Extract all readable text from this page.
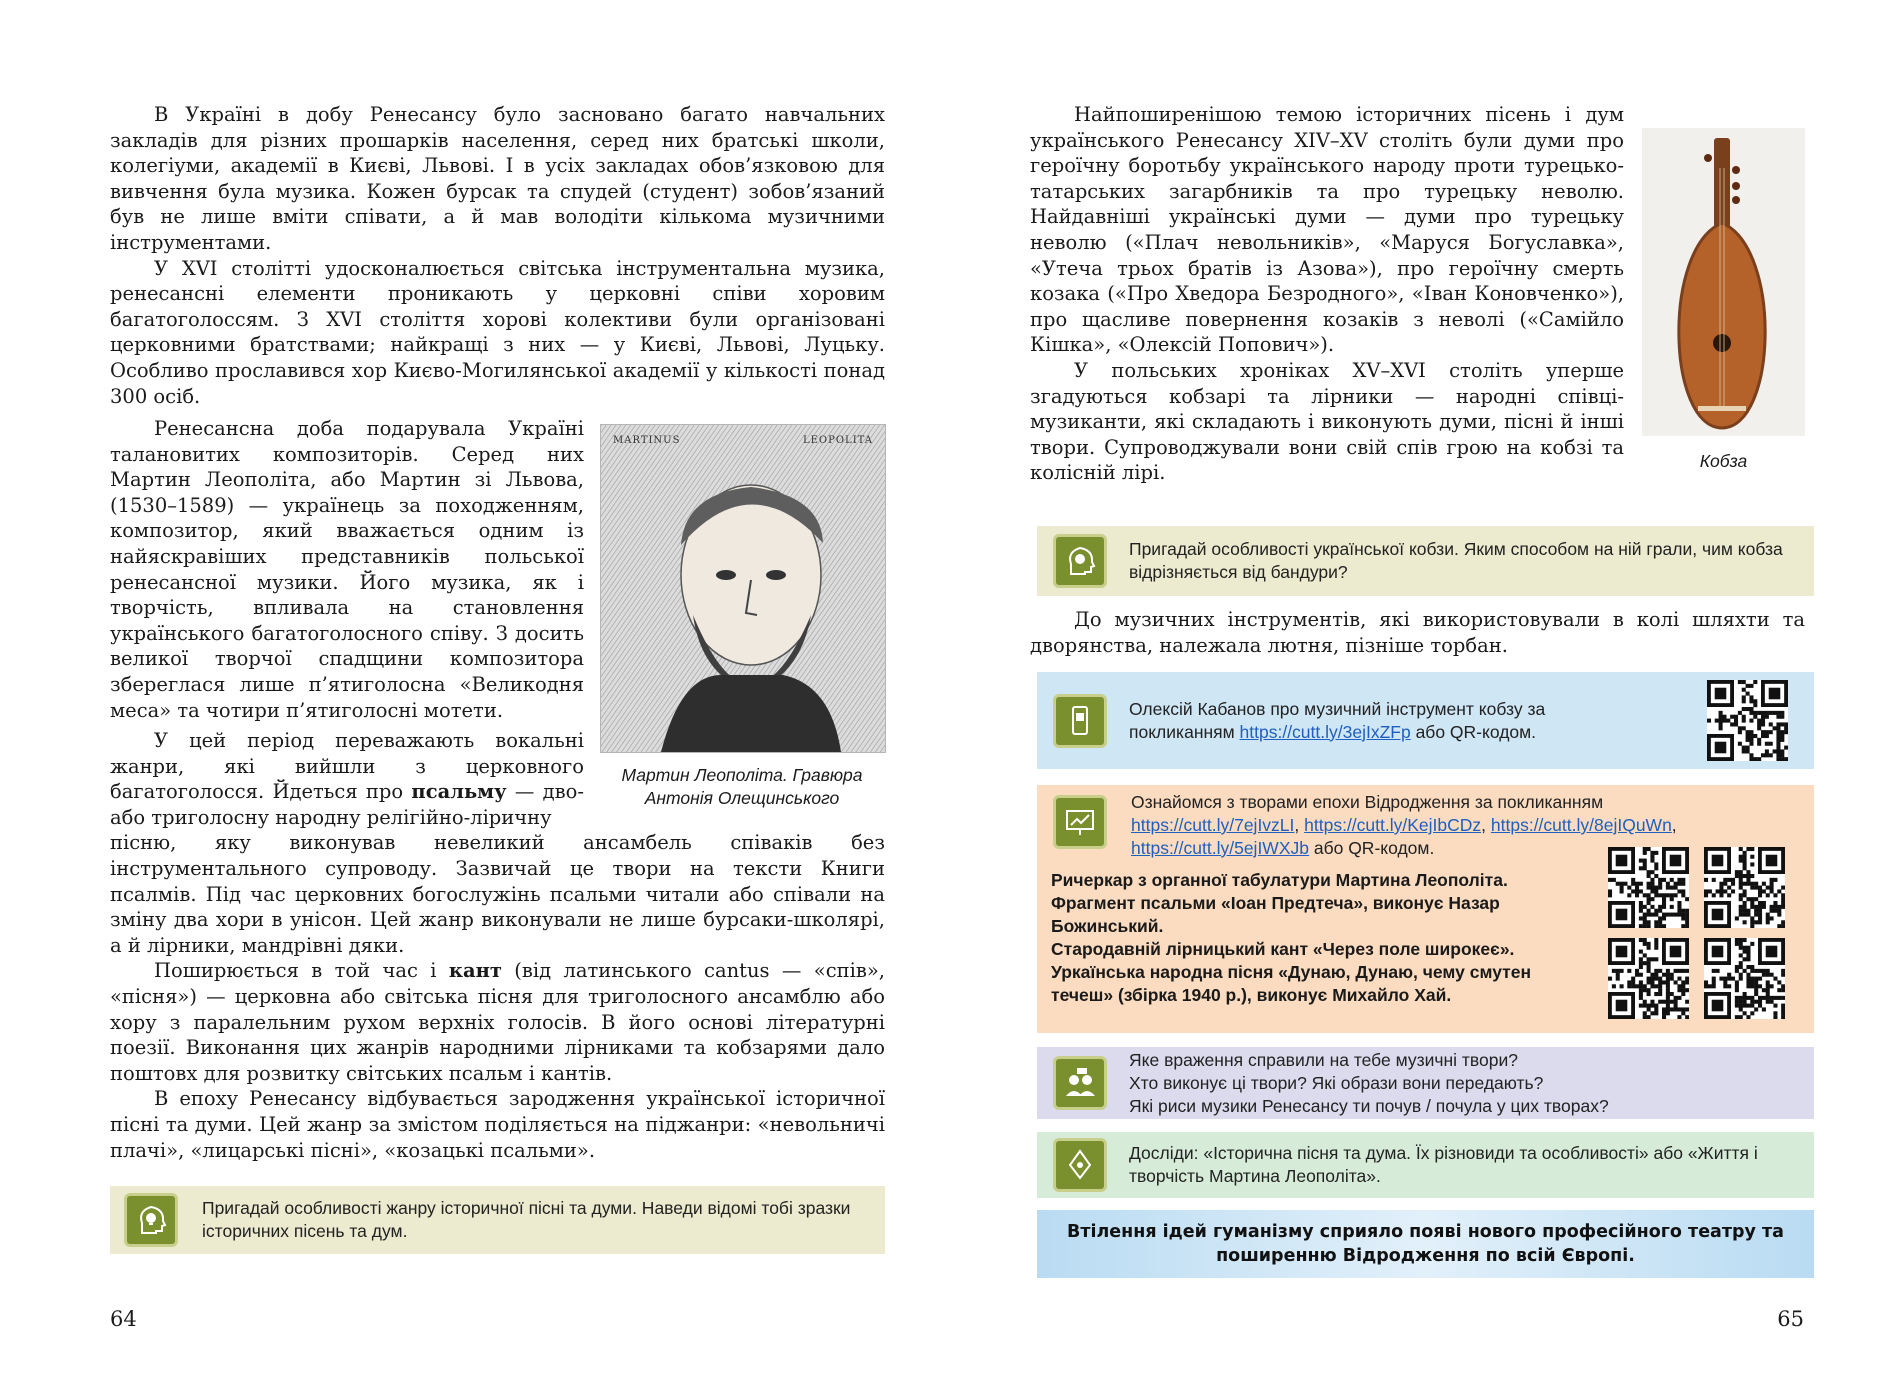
В Україні в добу Ренесансу було засновано багато навчальних закладів для різних прошарків населення, серед них братські школи, колегіуми, академії в Києві, Львові. І в усіх закладах обов’язковою для вивчення була музика. Кожен бурсак та спудей (студент) зобов’язаний був не лише вміти співати, а й мав володіти кількома музичними інструментами.

У XVI столітті удосконалюється світська інструментальна музика, ренесансні елементи проникають у церковні співи хоровим багатоголоссям. З XVI століття хорові колективи були організовані церковними братствами; найкращі з них — у Києві, Львові, Луцьку. Особливо прославився хор Києво-Могилянської академії у кількості понад 300 осіб.

Ренесансна доба подарувала Україні талановитих композиторів. Серед них Мартин Леополіта, або Мартин зі Львова, (1530–1589) — українець за походженням, композитор, який вважається одним із найяскравіших представників польської ренесансної музики. Його музика, як і творчість, впливала на становлення українського багатоголосного співу. З досить великої творчої спадщини композитора збереглася лише п’ятиголосна «Великодня меса» та чотири п’ятиголосні мотети.

У цей період переважають вокальні жанри, які вийшли з церковного багатоголосся. Йдеться про псальму — дво- або триголосну народну релігійно-ліричну

пісню, яку виконував невеликий ансамбель співаків без інструментального супроводу. Зазвичай це твори на тексти Книги псалмів. Під час церковних богослужінь псальми читали або співали на зміну два хори в унісон. Цей жанр виконували не лише бурсаки-школярі, а й лірники, мандрівні дяки.

Поширюється в той час і кант (від латинського cantus — «спів», «пісня») — церковна або світська пісня для триголосного ансамблю або хору з паралельним рухом верхніх голосів. В його основі літературні поезії. Виконання цих жанрів народними лірниками та кобзарями дало поштовх для розвитку світських псальм і кантів.

В епоху Ренесансу відбувається зародження української історичної пісні та думи. Цей жанр за змістом поділяється на піджанри: «невольничі плачі», «лицарські пісні», «козацькі псальми».

MARTINUS	LEOPOLITA
Мартин Леополіта. Гравюра
Антонія Олещинського
Пригадай особливості жанру історичної пісні та думи. Наведи відомі тобі зразки історичних пісень та дум.
64

Найпоширенішою темою історичних пісень і дум українського Ренесансу XIV–XV століть були думи про героїчну боротьбу українського народу проти турецько-татарських загарбників та про турецьку неволю. Найдавніші українські думи — думи про турецьку неволю («Плач невольників», «Маруся Богуславка», «Утеча трьох братів із Азова»), про героїчну смерть козака («Про Хведора Безродного», «Іван Коновченко»), про щасливе повернення козаків з неволі («Самійло Кішка», «Олексій Попович»).

У польських хроніках XV–XVI століть уперше згадуються кобзарі та лірники — народні співці-музиканти, які складають і виконують думи, пісні й інші твори. Супроводжували вони свій спів грою на кобзі та колісній лірі.

До музичних інструментів, які використовували в колі шляхти та дворянства, належала лютня, пізніше торбан.

Кобза
Пригадай особливості української кобзи. Яким способом на ній грали, чим кобза відрізняється від бандури?
Олексій Кабанов про музичний інструмент кобзу за покликанням https://cutt.ly/3ejIxZFp або QR-кодом.
Ознайомся з творами епохи Відродження за покликанням
https://cutt.ly/7ejIvzLI, https://cutt.ly/KejIbCDz, https://cutt.ly/8ejIQuWn,
https://cutt.ly/5ejIWXJb або QR-кодом.
Ричеркар з органної табулатури Мартина Леополіта.
Фрагмент псальми «Іоан Предтеча», виконує Назар Божинський.
Стародавній лірницький кант «Через поле широкеє».
Уркаїнська народна пісня «Дунаю, Дунаю, чему смутен течеш» (збірка 1940 р.), виконує Михайло Хай.
Яке враження справили на тебе музичні твори?
Хто виконує ці твори? Які образи вони передають?
Які риси музики Ренесансу ти почув / почула у цих творах?
Досліди: «Історична пісня та дума. Їх різновиди та особливості» або «Життя і творчість Мартина Леополіта».
Втілення ідей гуманізму сприяло появі нового професійного театру та
поширенню Відродження по всій Європі.
65
